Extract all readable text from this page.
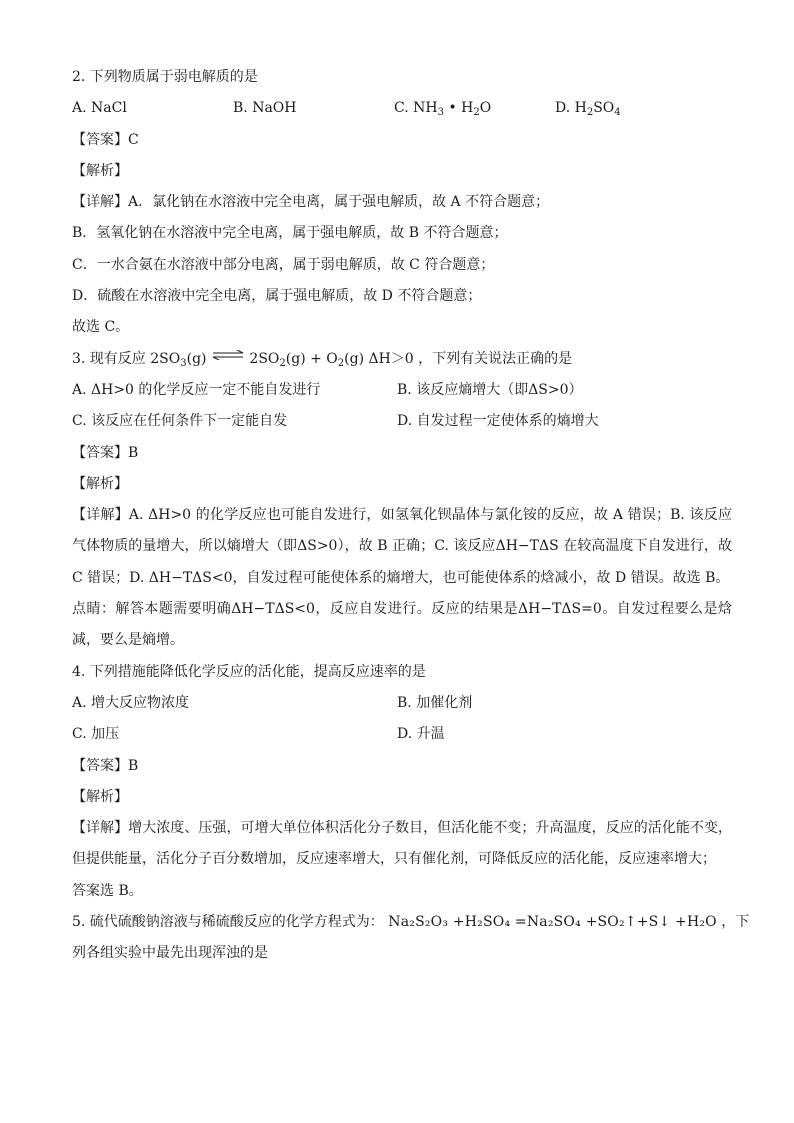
2. 下列物质属于弱电解质的是
A. NaCl	B. NaOH	C. $NH_3$ • $H_2O$	D. $H_2SO_4$
【答案】C
【解析】
【详解】A．氯化钠在水溶液中完全电离，属于强电解质，故 A 不符合题意；
B．氢氧化钠在水溶液中完全电离，属于强电解质，故 B 不符合题意；
C．一水合氨在水溶液中部分电离，属于弱电解质，故 C 符合题意；
D．硫酸在水溶液中完全电离，属于强电解质，故 D 不符合题意；
故选 C。
3. 现有反应 $2SO_3(g)$ ⇌ $2SO_2(g) + O_2(g)$ ΔH＞0 ，下列有关说法正确的是
A. ΔH>0 的化学反应一定不能自发进行	B. 该反应熵增大（即ΔS>0）
C. 该反应在任何条件下一定能自发	D. 自发过程一定使体系的熵增大
【答案】B
【解析】
【详解】A. ΔH>0 的化学反应也可能自发进行，如氢氧化钡晶体与氯化铵的反应，故 A 错误；B. 该反应气体物质的量增大，所以熵增大（即ΔS>0），故 B 正确；C. 该反应ΔH−TΔS 在较高温度下自发进行，故 C 错误；D. ΔH−TΔS<0，自发过程可能使体系的熵增大，也可能使体系的焓减小，故 D 错误。故选 B。
点睛：解答本题需要明确ΔH−TΔS<0，反应自发进行。反应的结果是ΔH−TΔS=0。自发过程要么是焓减，要么是熵增。
4. 下列措施能降低化学反应的活化能，提高反应速率的是
A. 增大反应物浓度	B. 加催化剂
C. 加压	D. 升温
【答案】B
【解析】
【详解】增大浓度、压强，可增大单位体积活化分子数目，但活化能不变；升高温度，反应的活化能不变，但提供能量，活化分子百分数增加，反应速率增大，只有催化剂，可降低反应的活化能，反应速率增大；
答案选 B。
5. 硫代硫酸钠溶液与稀硫酸反应的化学方程式为： Na₂S₂O₃ +H₂SO₄ =Na₂SO₄ +SO₂↑+S↓ +H₂O ，下
列各组实验中最先出现浑浊的是
